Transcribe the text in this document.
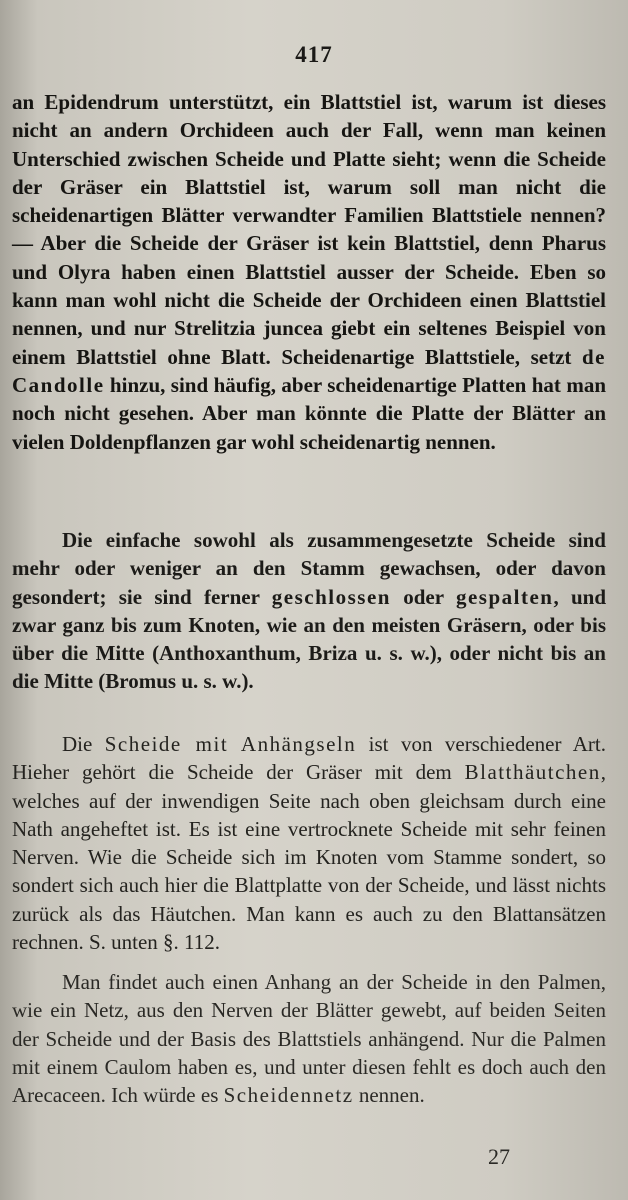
417

an Epidendrum unterstützt, ein Blattstiel ist, warum ist dieses nicht an andern Orchideen auch der Fall, wenn man keinen Unterschied zwischen Scheide und Platte sieht; wenn die Scheide der Gräser ein Blattstiel ist, warum soll man nicht die scheidenartigen Blätter verwandter Familien Blattstiele nennen? — Aber die Scheide der Gräser ist kein Blattstiel, denn Pharus und Olyra haben einen Blattstiel ausser der Scheide. Eben so kann man wohl nicht die Scheide der Orchideen einen Blattstiel nennen, und nur Strelitzia juncea giebt ein seltenes Beispiel von einem Blattstiel ohne Blatt. Scheidenartige Blattstiele, setzt de Candolle hinzu, sind häufig, aber scheidenartige Platten hat man noch nicht gesehen. Aber man könnte die Platte der Blätter an vielen Doldenpflanzen gar wohl scheidenartig nennen.

Die einfache sowohl als zusammengesetzte Scheide sind mehr oder weniger an den Stamm gewachsen, oder davon gesondert; sie sind ferner geschlossen oder gespalten, und zwar ganz bis zum Knoten, wie an den meisten Gräsern, oder bis über die Mitte (Anthoxanthum, Briza u. s. w.), oder nicht bis an die Mitte (Bromus u. s. w.).

Die Scheide mit Anhängseln ist von verschiedener Art. Hieher gehört die Scheide der Gräser mit dem Blatthäutchen, welches auf der inwendigen Seite nach oben gleichsam durch eine Nath angeheftet ist. Es ist eine vertrocknete Scheide mit sehr feinen Nerven. Wie die Scheide sich im Knoten vom Stamme sondert, so sondert sich auch hier die Blattplatte von der Scheide, und lässt nichts zurück als das Häutchen. Man kann es auch zu den Blattansätzen rechnen. S. unten §. 112.

Man findet auch einen Anhang an der Scheide in den Palmen, wie ein Netz, aus den Nerven der Blätter gewebt, auf beiden Seiten der Scheide und der Basis des Blattstiels anhängend. Nur die Palmen mit einem Caulom haben es, und unter diesen fehlt es doch auch den Arecaceen. Ich würde es Scheidennetz nennen.

27
